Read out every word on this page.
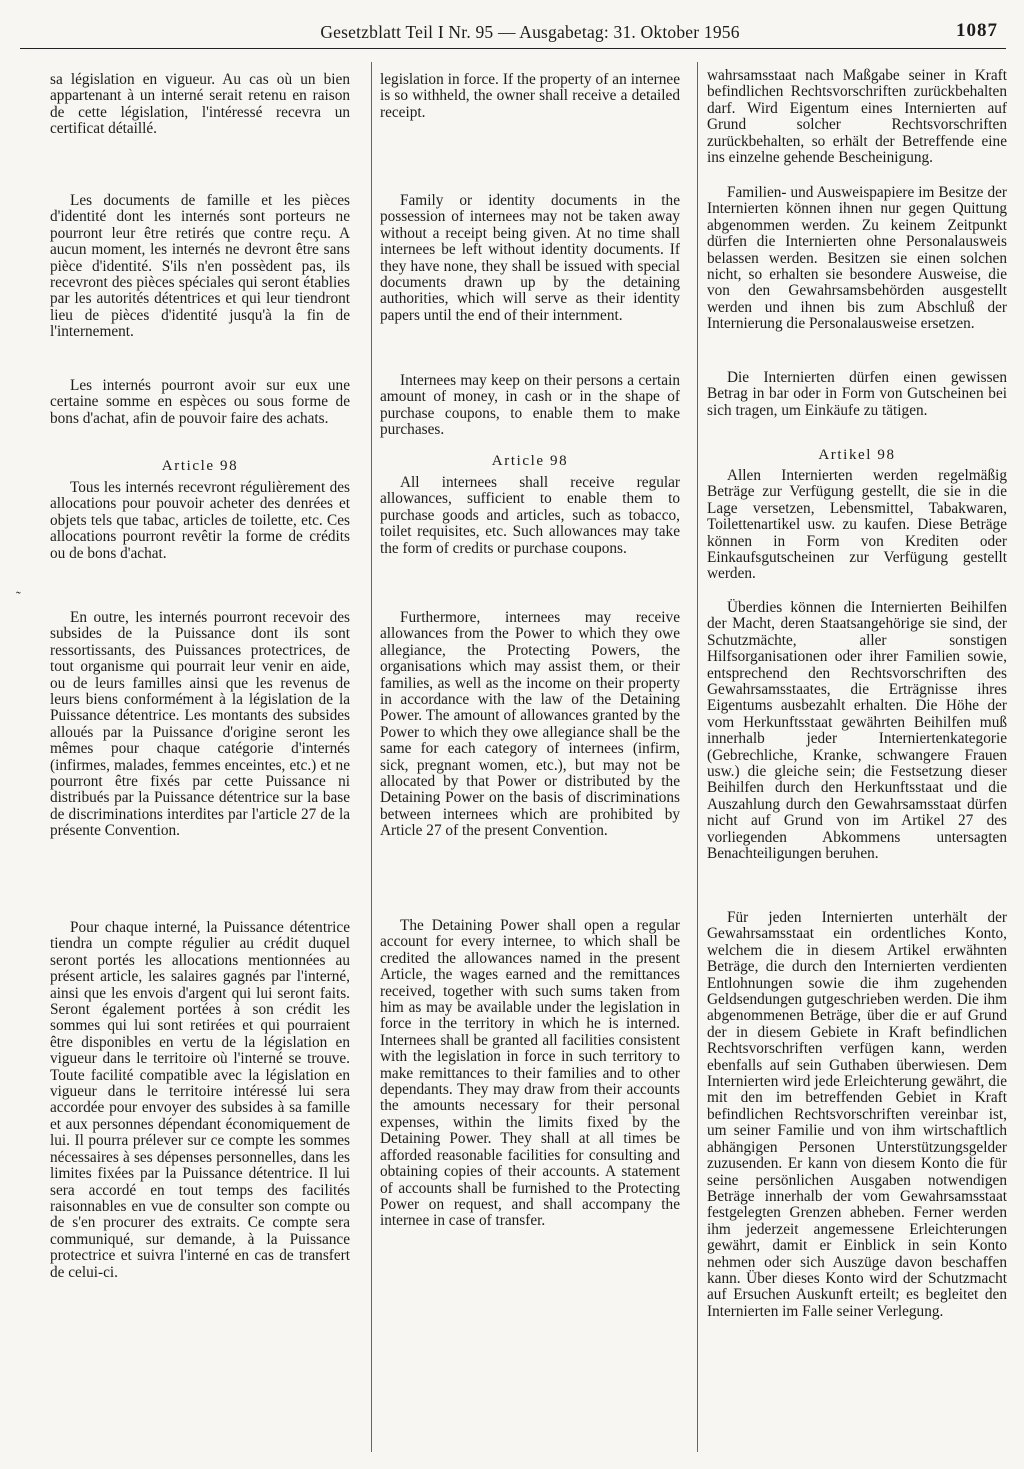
Gesetzblatt Teil I Nr. 95 — Ausgabetag: 31. Oktober 1956	1087
˜
sa législation en vigueur. Au cas où un bien appartenant à un interné serait retenu en raison de cette législation, l'intéressé recevra un certificat détaillé.
Les documents de famille et les pièces d'identité dont les internés sont porteurs ne pourront leur être retirés que contre reçu. A aucun moment, les internés ne devront être sans pièce d'identité. S'ils n'en possèdent pas, ils recevront des pièces spéciales qui seront établies par les autorités détentrices et qui leur tiendront lieu de pièces d'identité jusqu'à la fin de l'internement.
Les internés pourront avoir sur eux une certaine somme en espèces ou sous forme de bons d'achat, afin de pouvoir faire des achats.
Article 98
Tous les internés recevront régulièrement des allocations pour pouvoir acheter des denrées et objets tels que tabac, articles de toilette, etc. Ces allocations pourront revêtir la forme de crédits ou de bons d'achat.
En outre, les internés pourront recevoir des subsides de la Puissance dont ils sont ressortissants, des Puissances protectrices, de tout organisme qui pourrait leur venir en aide, ou de leurs familles ainsi que les revenus de leurs biens conformément à la législation de la Puissance détentrice. Les montants des subsides alloués par la Puissance d'origine seront les mêmes pour chaque catégorie d'internés (infirmes, malades, femmes enceintes, etc.) et ne pourront être fixés par cette Puissance ni distribués par la Puissance détentrice sur la base de discriminations interdites par l'article 27 de la présente Convention.
Pour chaque interné, la Puissance détentrice tiendra un compte régulier au crédit duquel seront portés les allocations mentionnées au présent article, les salaires gagnés par l'interné, ainsi que les envois d'argent qui lui seront faits. Seront également portées à son crédit les sommes qui lui sont retirées et qui pourraient être disponibles en vertu de la législation en vigueur dans le territoire où l'interné se trouve. Toute facilité compatible avec la législation en vigueur dans le territoire intéressé lui sera accordée pour envoyer des subsides à sa famille et aux personnes dépendant économiquement de lui. Il pourra prélever sur ce compte les sommes nécessaires à ses dépenses personnelles, dans les limites fixées par la Puissance détentrice. Il lui sera accordé en tout temps des facilités raisonnables en vue de consulter son compte ou de s'en procurer des extraits. Ce compte sera communiqué, sur demande, à la Puissance protectrice et suivra l'interné en cas de transfert de celui-ci.
legislation in force. If the property of an internee is so withheld, the owner shall receive a detailed receipt.
Family or identity documents in the possession of internees may not be taken away without a receipt being given. At no time shall internees be left without identity documents. If they have none, they shall be issued with special documents drawn up by the detaining authorities, which will serve as their identity papers until the end of their internment.
Internees may keep on their persons a certain amount of money, in cash or in the shape of purchase coupons, to enable them to make purchases.
Article 98
All internees shall receive regular allowances, sufficient to enable them to purchase goods and articles, such as tobacco, toilet requisites, etc. Such allowances may take the form of credits or purchase coupons.
Furthermore, internees may receive allowances from the Power to which they owe allegiance, the Protecting Powers, the organisations which may assist them, or their families, as well as the income on their property in accordance with the law of the Detaining Power. The amount of allowances granted by the Power to which they owe allegiance shall be the same for each category of internees (infirm, sick, pregnant women, etc.), but may not be allocated by that Power or distributed by the Detaining Power on the basis of discriminations between internees which are prohibited by Article 27 of the present Convention.
The Detaining Power shall open a regular account for every internee, to which shall be credited the allowances named in the present Article, the wages earned and the remittances received, together with such sums taken from him as may be available under the legislation in force in the territory in which he is interned. Internees shall be granted all facilities consistent with the legislation in force in such territory to make remittances to their families and to other dependants. They may draw from their accounts the amounts necessary for their personal expenses, within the limits fixed by the Detaining Power. They shall at all times be afforded reasonable facilities for consulting and obtaining copies of their accounts. A statement of accounts shall be furnished to the Protecting Power on request, and shall accompany the internee in case of transfer.
wahrsamsstaat nach Maßgabe seiner in Kraft befindlichen Rechtsvorschriften zurückbehalten darf. Wird Eigentum eines Internierten auf Grund solcher Rechtsvorschriften zurückbehalten, so erhält der Betreffende eine ins einzelne gehende Bescheinigung.
Familien- und Ausweispapiere im Besitze der Internierten können ihnen nur gegen Quittung abgenommen werden. Zu keinem Zeitpunkt dürfen die Internierten ohne Personalausweis belassen werden. Besitzen sie einen solchen nicht, so erhalten sie besondere Ausweise, die von den Gewahrsamsbehörden ausgestellt werden und ihnen bis zum Abschluß der Internierung die Personalausweise ersetzen.
Die Internierten dürfen einen gewissen Betrag in bar oder in Form von Gutscheinen bei sich tragen, um Einkäufe zu tätigen.
Artikel 98
Allen Internierten werden regelmäßig Beträge zur Verfügung gestellt, die sie in die Lage versetzen, Lebensmittel, Tabakwaren, Toilettenartikel usw. zu kaufen. Diese Beträge können in Form von Krediten oder Einkaufsgutscheinen zur Verfügung gestellt werden.
Überdies können die Internierten Beihilfen der Macht, deren Staatsangehörige sie sind, der Schutzmächte, aller sonstigen Hilfsorganisationen oder ihrer Familien sowie, entsprechend den Rechtsvorschriften des Gewahrsamsstaates, die Erträgnisse ihres Eigentums ausbezahlt erhalten. Die Höhe der vom Herkunftsstaat gewährten Beihilfen muß innerhalb jeder Interniertenkategorie (Gebrechliche, Kranke, schwangere Frauen usw.) die gleiche sein; die Festsetzung dieser Beihilfen durch den Herkunftsstaat und die Auszahlung durch den Gewahrsamsstaat dürfen nicht auf Grund von im Artikel 27 des vorliegenden Abkommens untersagten Benachteiligungen beruhen.
Für jeden Internierten unterhält der Gewahrsamsstaat ein ordentliches Konto, welchem die in diesem Artikel erwähnten Beträge, die durch den Internierten verdienten Entlohnungen sowie die ihm zugehenden Geldsendungen gutgeschrieben werden. Die ihm abgenommenen Beträge, über die er auf Grund der in diesem Gebiete in Kraft befindlichen Rechtsvorschriften verfügen kann, werden ebenfalls auf sein Guthaben überwiesen. Dem Internierten wird jede Erleichterung gewährt, die mit den im betreffenden Gebiet in Kraft befindlichen Rechtsvorschriften vereinbar ist, um seiner Familie und von ihm wirtschaftlich abhängigen Personen Unterstützungsgelder zuzusenden. Er kann von diesem Konto die für seine persönlichen Ausgaben notwendigen Beträge innerhalb der vom Gewahrsamsstaat festgelegten Grenzen abheben. Ferner werden ihm jederzeit angemessene Erleichterungen gewährt, damit er Einblick in sein Konto nehmen oder sich Auszüge davon beschaffen kann. Über dieses Konto wird der Schutzmacht auf Ersuchen Auskunft erteilt; es begleitet den Internierten im Falle seiner Verlegung.
